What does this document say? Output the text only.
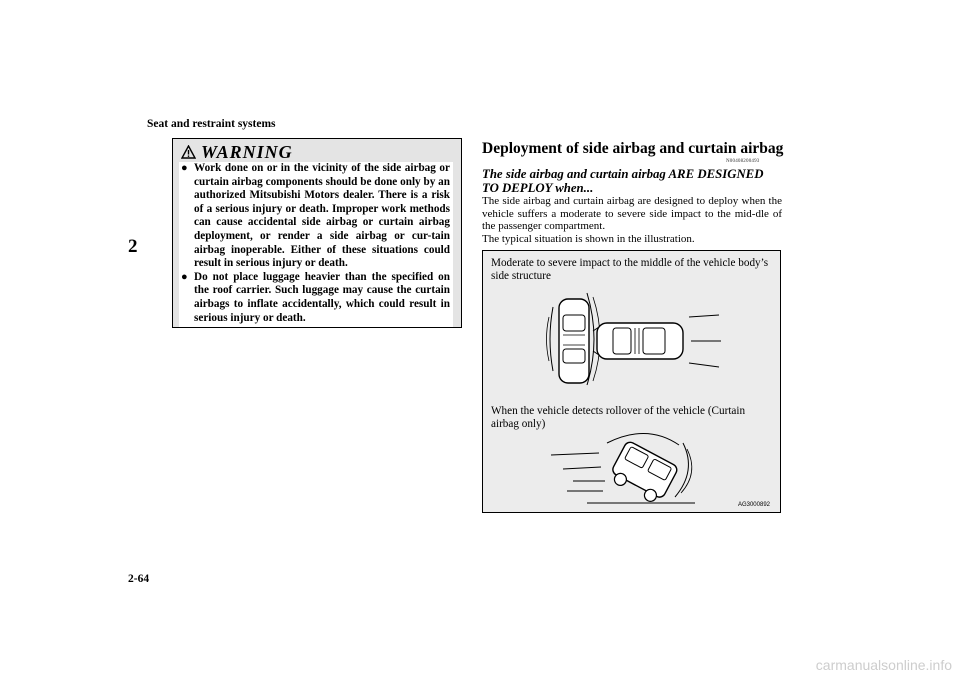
Seat and restraint systems
2
2-64
WARNING
● Work done on or in the vicinity of the side airbag or curtain airbag components should be done only by an authorized Mitsubishi Motors dealer. There is a risk of a serious injury or death. Improper work methods can cause accidental side airbag or curtain airbag deployment, or render a side airbag or cur-tain airbag inoperable. Either of these situations could result in serious injury or death.
● Do not place luggage heavier than the specified on the roof carrier. Such luggage may cause the curtain airbags to inflate accidentally, which could result in serious injury or death.
Deployment of side airbag and curtain airbag
N00408200493
The side airbag and curtain airbag ARE DESIGNED TO DEPLOY when...

The side airbag and curtain airbag are designed to deploy when the vehicle suffers a moderate to severe side impact to the mid-dle of the passenger compartment.

The typical situation is shown in the illustration.

Moderate to severe impact to the middle of the vehicle body’s side structure
When the vehicle detects rollover of the vehicle (Curtain airbag only)
AG3000892
carmanualsonline.info
